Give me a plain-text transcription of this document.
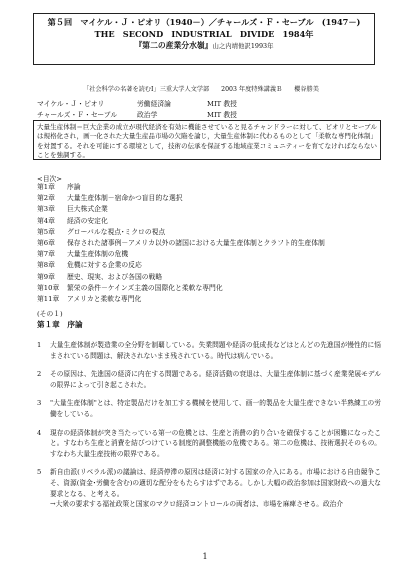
第５回　マイケル・Ｊ・ピオリ（1940－）／チャールズ・Ｆ・セーブル　(1947－)
THE　SECOND　INDUSTRIAL　DIVIDE　1984年
『第二の産業分水嶺』山之内靖他訳1993年
「社会科学の名著を読むⅠ」三重大学人文学部 2003 年度特殊講義Ｂ 櫻谷勝美
マイケル・Ｊ・ピオリ	労働経済論	MIT 教授
チャールズ・Ｆ・セーブル	政治学	MIT 教授
大量生産体制＝巨大企業の成立が現代経済を有効に機能させていると見るチャンドラーに対して、ピオリとセーブルは規格化され，画一化された大量生産品市場の欠陥を論じ，大量生産体制に代わるものとして「柔軟な専門化体制」を対置する。それを可能にする環境として，技術の伝承を保証する地域産業コミュニティーを育てなければならないことを強調する。
<目次>
第1章 序論
第2章 大量生産体制－宿命かつ盲目的な選択
第3章 巨大株式企業
第4章 経済の安定化
第5章 グローバルな視点･ミクロの視点
第6章 保存された諸事例－アメリカ以外の諸国における大量生産体制とクラフト的生産体制
第7章 大量生産体制の危機
第8章 危機に対する企業の反応
第9章 歴史、現実、および各国の戦略
第10章 繁栄の条件－ケインズ主義の国際化と柔軟な専門化
第11章 アメリカと柔軟な専門化
(その１)
第１章　序論
1	大量生産体制が製造業の全分野を制覇している。失業問題や経済の低成長などはとんどの先進国が慢性的に悩まされている問題は、解決されないまま残されている。時代は病んでいる。
2	その原因は、先進国の経済に内在する問題である。経済活動の衰退は、大量生産体制に基づく産業発展モデルの限界によって引き起こされた。
3	"大量生産体制"とは、特定製品だけを加工する機械を使用して、画一的製品を大量生産できない半熟練工の労働をしている。
4	現存の経済体制が突き当たっている第一の危機とは、生産と消費の釣り合いを確保することが困難になったこと。すなわち生産と消費を結びつけている制度的調整機能の危機である。第二の危機は、技術選択そのもの。すなわち大量生産技術の限界である。
5	新自由派(リベラル派)の議論は、経済停滞の原因は経済に対する国家の介入にある。市場における自由競争こそ、資源(資金･労働を含む)の適切な配分をもたらすはずである。しかし大幅の政治参加は国家財政への過大な要求となる、と考える。
→大衆の要求する福祉政策と国家のマクロ経済コントロールの両者は、市場を麻痺させる。政治介
1
